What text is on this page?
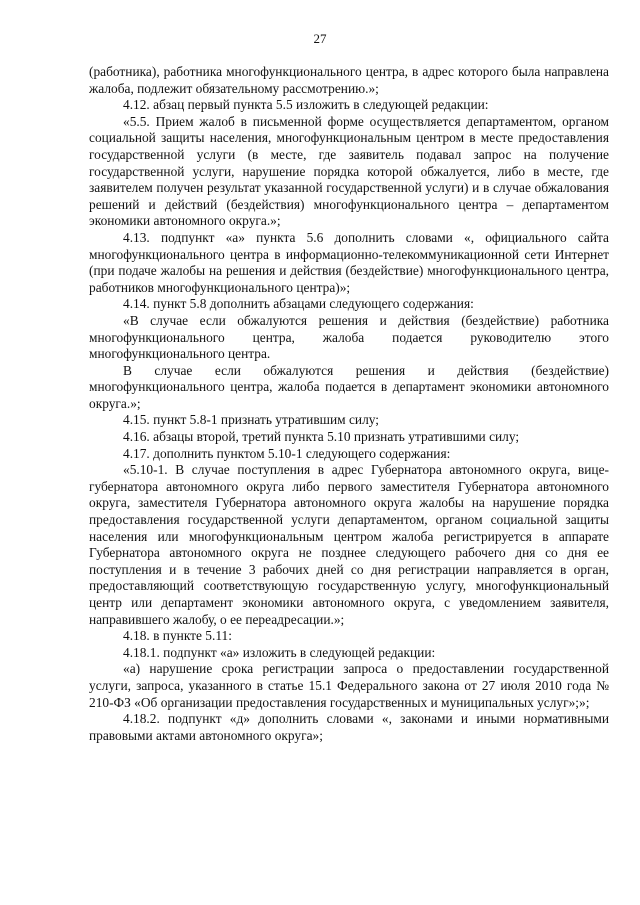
27

(работника), работника многофункционального центра, в адрес которого была направлена жалоба, подлежит обязательному рассмотрению.»;

4.12. абзац первый пункта 5.5 изложить в следующей редакции:

«5.5. Прием жалоб в письменной форме осуществляется департаментом, органом социальной защиты населения, многофункциональным центром в месте предоставления государственной услуги (в месте, где заявитель подавал запрос на получение государственной услуги, нарушение порядка которой обжалуется, либо в месте, где заявителем получен результат указанной государственной услуги) и в случае обжалования решений и действий (бездействия) многофункционального центра – департаментом экономики автономного округа.»;

4.13. подпункт «а» пункта 5.6 дополнить словами «, официального сайта многофункционального центра в информационно-телекоммуникационной сети Интернет (при подаче жалобы на решения и действия (бездействие) многофункционального центра, работников многофункционального центра)»;

4.14. пункт 5.8 дополнить абзацами следующего содержания:

«В случае если обжалуются решения и действия (бездействие) работника многофункционального центра, жалоба подается руководителю этого многофункционального центра.

В случае если обжалуются решения и действия (бездействие) многофункционального центра, жалоба подается в департамент экономики автономного округа.»;

4.15. пункт 5.8-1 признать утратившим силу;

4.16. абзацы второй, третий пункта 5.10 признать утратившими силу;

4.17. дополнить пунктом 5.10-1 следующего содержания:

«5.10-1. В случае поступления в адрес Губернатора автономного округа, вице-губернатора автономного округа либо первого заместителя Губернатора автономного округа, заместителя Губернатора автономного округа жалобы на нарушение порядка предоставления государственной услуги департаментом, органом социальной защиты населения или многофункциональным центром жалоба регистрируется в аппарате Губернатора автономного округа не позднее следующего рабочего дня со дня ее поступления и в течение 3 рабочих дней со дня регистрации направляется в орган, предоставляющий соответствующую государственную услугу, многофункциональный центр или департамент экономики автономного округа, с уведомлением заявителя, направившего жалобу, о ее переадресации.»;

4.18. в пункте 5.11:

4.18.1. подпункт «а» изложить в следующей редакции:

«а) нарушение срока регистрации запроса о предоставлении государственной услуги, запроса, указанного в статье 15.1 Федерального закона от 27 июля 2010 года № 210-ФЗ «Об организации предоставления государственных и муниципальных услуг»;»;

4.18.2. подпункт «д» дополнить словами «, законами и иными нормативными правовыми актами автономного округа»;
